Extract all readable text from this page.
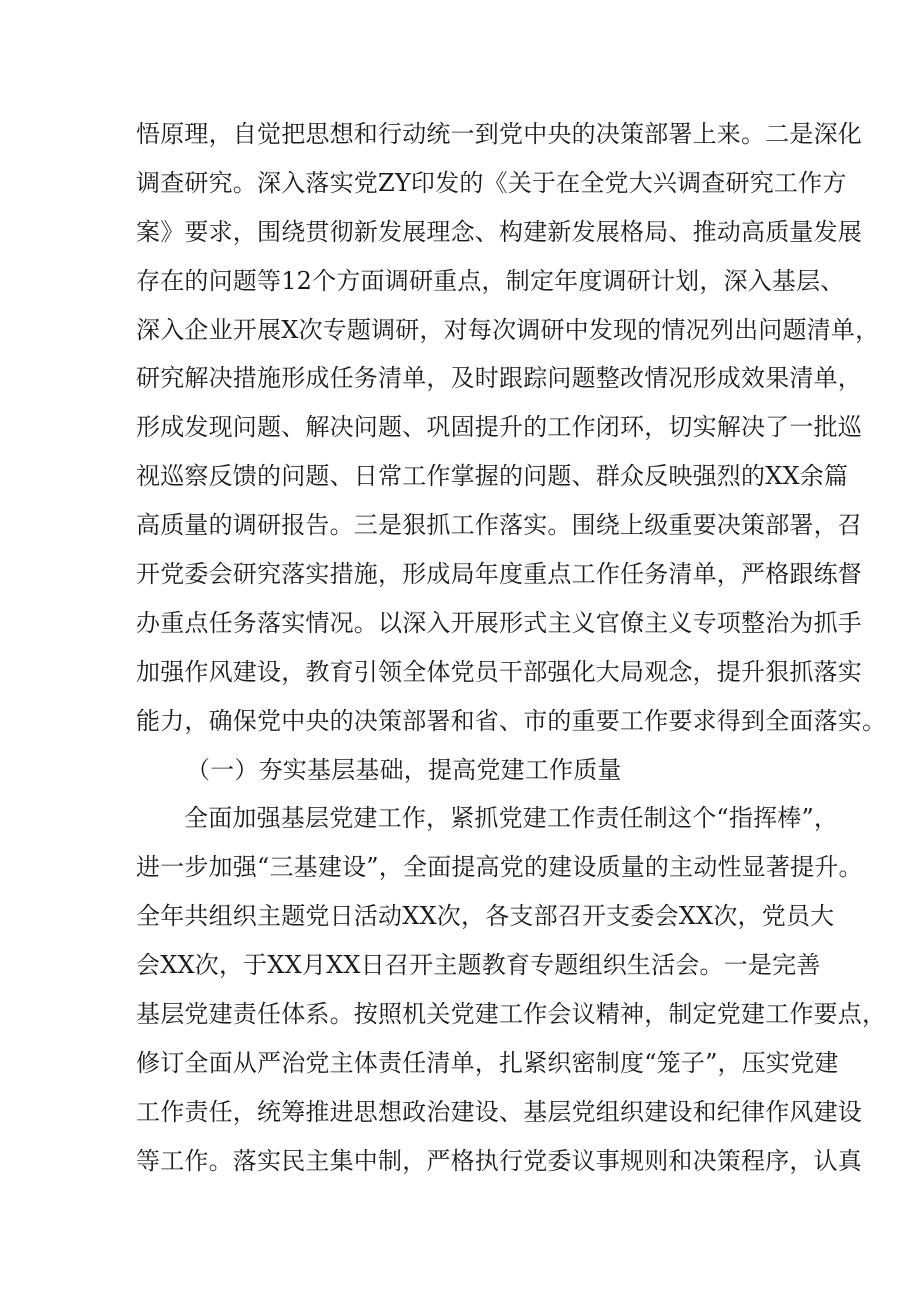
悟原理，自觉把思想和行动统一到党中央的决策部署上来。二是深化
调查研究。深入落实党ZY印发的《关于在全党大兴调查研究工作方
案》要求，围绕贯彻新发展理念、构建新发展格局、推动高质量发展
存在的问题等12个方面调研重点，制定年度调研计划，深入基层、
深入企业开展X次专题调研，对每次调研中发现的情况列出问题清单，
研究解决措施形成任务清单，及时跟踪问题整改情况形成效果清单，
形成发现问题、解决问题、巩固提升的工作闭环，切实解决了一批巡
视巡察反馈的问题、日常工作掌握的问题、群众反映强烈的XX余篇
高质量的调研报告。三是狠抓工作落实。围绕上级重要决策部署，召
开党委会研究落实措施，形成局年度重点工作任务清单，严格跟练督
办重点任务落实情况。以深入开展形式主义官僚主义专项整治为抓手
加强作风建设，教育引领全体党员干部强化大局观念，提升狠抓落实
能力，确保党中央的决策部署和省、市的重要工作要求得到全面落实。
（一）夯实基层基础，提高党建工作质量
全面加强基层党建工作，紧抓党建工作责任制这个“指挥棒”，
进一步加强“三基建设”，全面提高党的建设质量的主动性显著提升。
全年共组织主题党日活动XX次，各支部召开支委会XX次，党员大
会XX次，于XX月XX日召开主题教育专题组织生活会。一是完善
基层党建责任体系。按照机关党建工作会议精神，制定党建工作要点，
修订全面从严治党主体责任清单，扎紧织密制度“笼子”，压实党建
工作责任，统筹推进思想政治建设、基层党组织建设和纪律作风建设
等工作。落实民主集中制，严格执行党委议事规则和决策程序，认真
